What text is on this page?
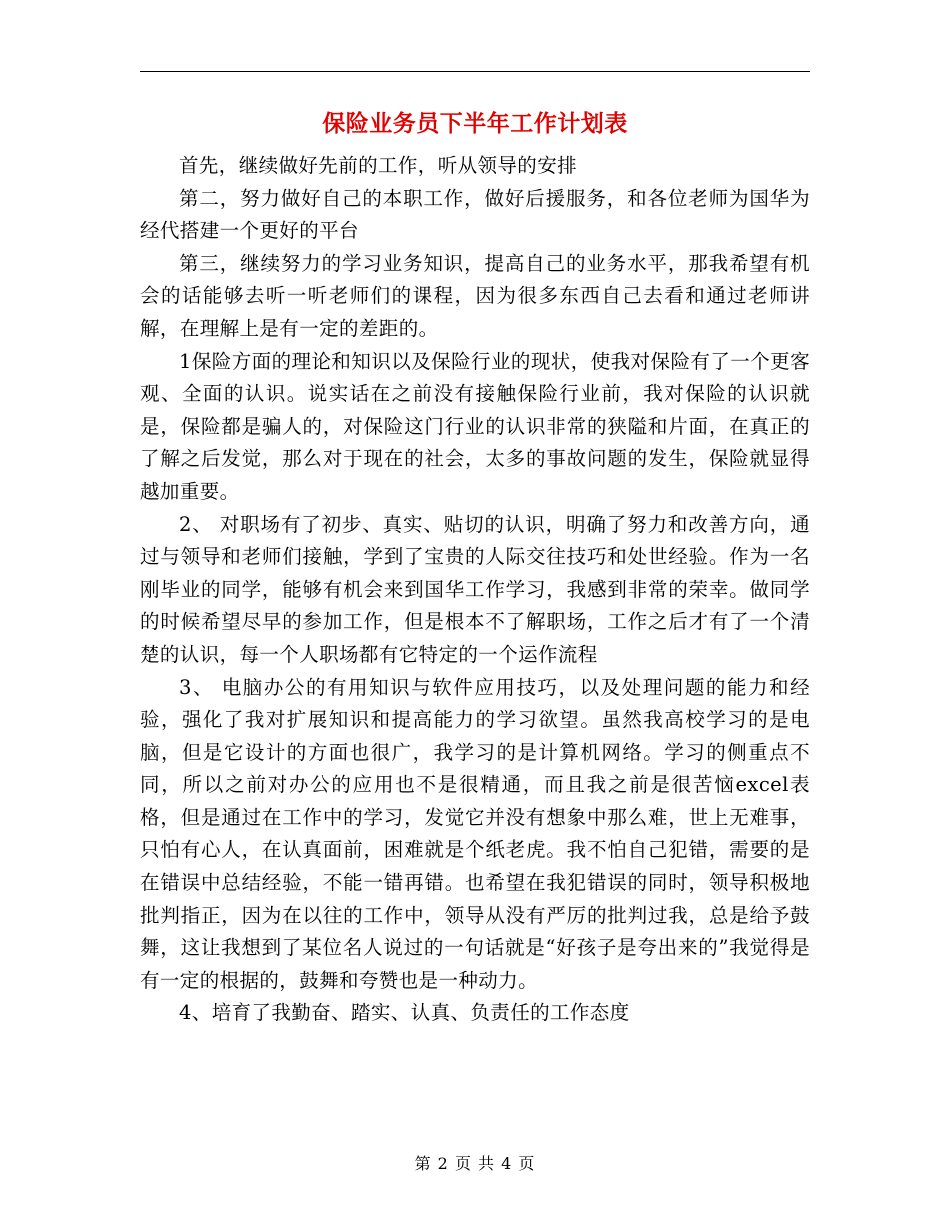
保险业务员下半年工作计划表

首先，继续做好先前的工作，听从领导的安排

第二，努力做好自己的本职工作，做好后援服务，和各位老师为国华为经代搭建一个更好的平台

第三，继续努力的学习业务知识，提高自己的业务水平，那我希望有机会的话能够去听一听老师们的课程，因为很多东西自己去看和通过老师讲解，在理解上是有一定的差距的。

1保险方面的理论和知识以及保险行业的现状，使我对保险有了一个更客观、全面的认识。说实话在之前没有接触保险行业前，我对保险的认识就是，保险都是骗人的，对保险这门行业的认识非常的狭隘和片面，在真正的了解之后发觉，那么对于现在的社会，太多的事故问题的发生，保险就显得越加重要。

2、 对职场有了初步、真实、贴切的认识，明确了努力和改善方向，通过与领导和老师们接触，学到了宝贵的人际交往技巧和处世经验。作为一名刚毕业的同学，能够有机会来到国华工作学习，我感到非常的荣幸。做同学的时候希望尽早的参加工作，但是根本不了解职场，工作之后才有了一个清楚的认识，每一个人职场都有它特定的一个运作流程

3、 电脑办公的有用知识与软件应用技巧，以及处理问题的能力和经验，强化了我对扩展知识和提高能力的学习欲望。虽然我高校学习的是电脑，但是它设计的方面也很广，我学习的是计算机网络。学习的侧重点不同，所以之前对办公的应用也不是很精通，而且我之前是很苦恼excel表格，但是通过在工作中的学习，发觉它并没有想象中那么难，世上无难事，只怕有心人，在认真面前，困难就是个纸老虎。我不怕自己犯错，需要的是在错误中总结经验，不能一错再错。也希望在我犯错误的同时，领导积极地批判指正，因为在以往的工作中，领导从没有严厉的批判过我，总是给予鼓舞，这让我想到了某位名人说过的一句话就是“好孩子是夸出来的”我觉得是有一定的根据的，鼓舞和夸赞也是一种动力。

4、培育了我勤奋、踏实、认真、负责任的工作态度

第 2 页 共 4 页
